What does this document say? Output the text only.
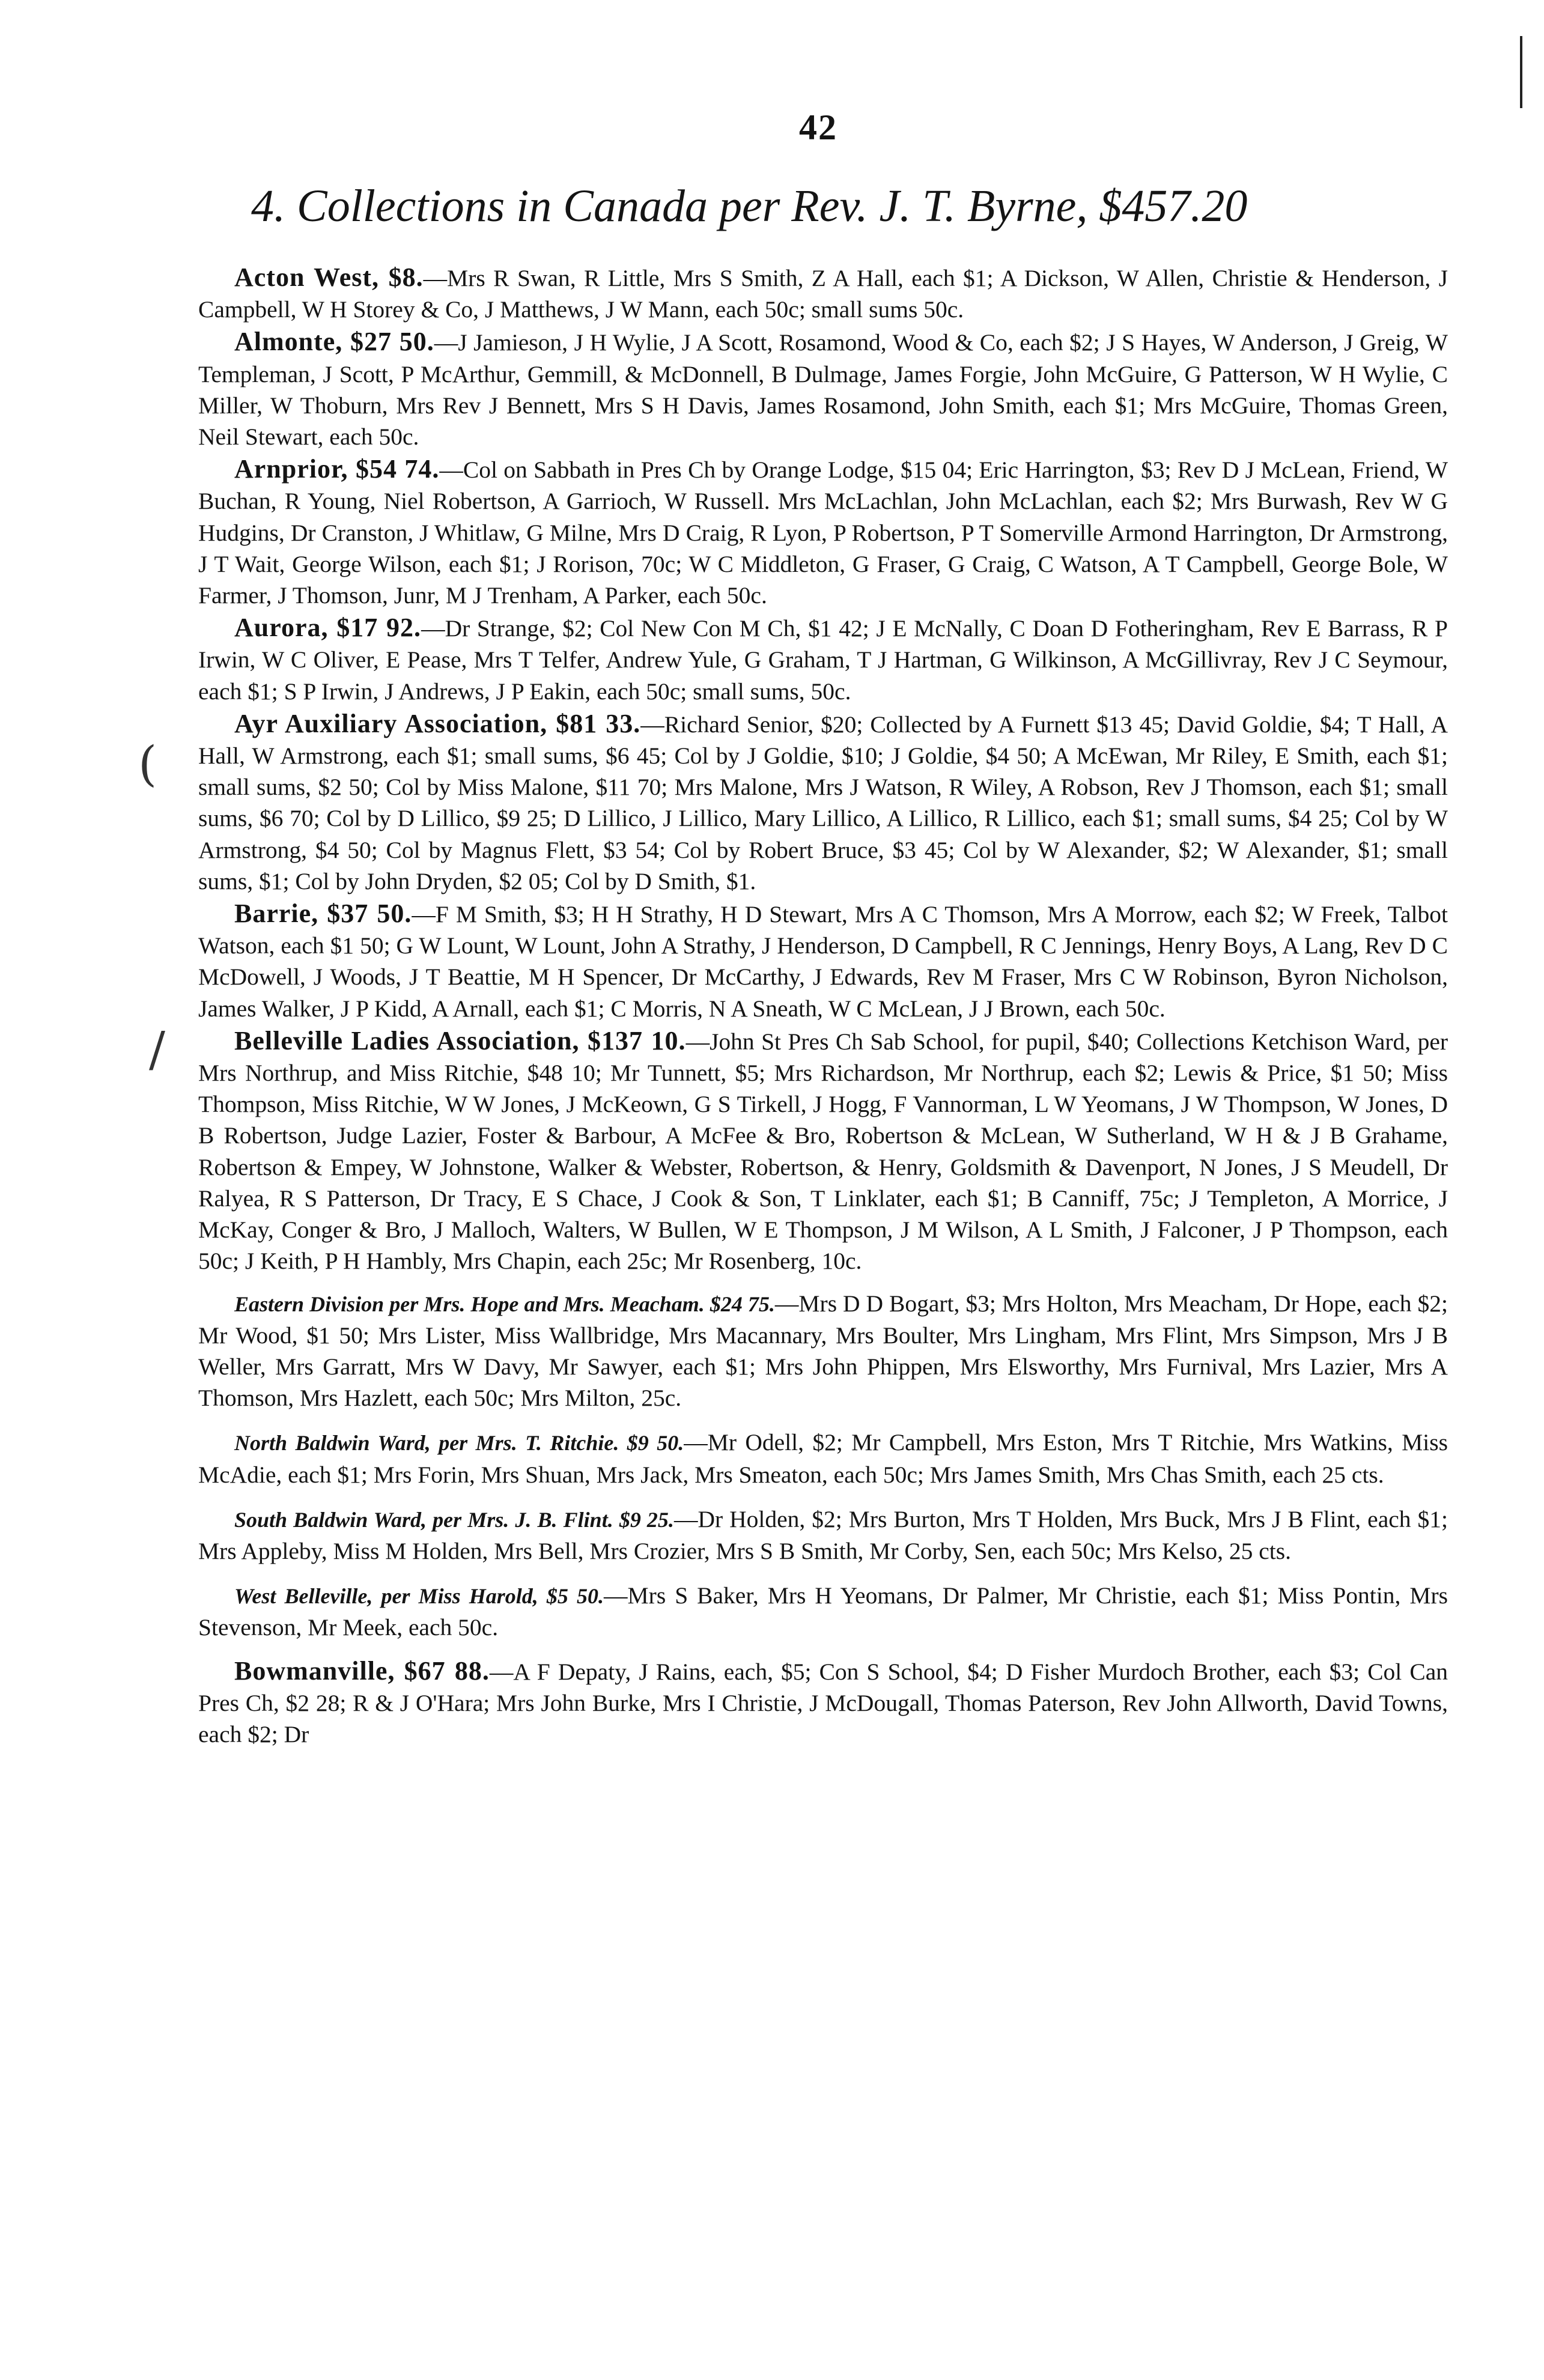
42
4. Collections in Canada per Rev. J. T. Byrne, $457.20
(
/

Acton West, $8.—Mrs R Swan, R Little, Mrs S Smith, Z A Hall, each $1; A Dickson, W Allen, Christie & Henderson, J Campbell, W H Storey & Co, J Matthews, J W Mann, each 50c; small sums 50c.

Almonte, $27 50.—J Jamieson, J H Wylie, J A Scott, Rosamond, Wood & Co, each $2; J S Hayes, W Anderson, J Greig, W Templeman, J Scott, P McArthur, Gemmill, & McDonnell, B Dulmage, James Forgie, John McGuire, G Patterson, W H Wylie, C Miller, W Thoburn, Mrs Rev J Bennett, Mrs S H Davis, James Rosamond, John Smith, each $1; Mrs McGuire, Thomas Green, Neil Stewart, each 50c.

Arnprior, $54 74.—Col on Sabbath in Pres Ch by Orange Lodge, $15 04; Eric Harrington, $3; Rev D J McLean, Friend, W Buchan, R Young, Niel Robertson, A Garrioch, W Russell. Mrs McLachlan, John McLachlan, each $2; Mrs Burwash, Rev W G Hudgins, Dr Cranston, J Whitlaw, G Milne, Mrs D Craig, R Lyon, P Robertson, P T Somerville Armond Harrington, Dr Armstrong, J T Wait, George Wilson, each $1; J Rorison, 70c; W C Middleton, G Fraser, G Craig, C Watson, A T Campbell, George Bole, W Farmer, J Thomson, Junr, M J Trenham, A Parker, each 50c.

Aurora, $17 92.—Dr Strange, $2; Col New Con M Ch, $1 42; J E McNally, C Doan D Fotheringham, Rev E Barrass, R P Irwin, W C Oliver, E Pease, Mrs T Telfer, Andrew Yule, G Graham, T J Hartman, G Wilkinson, A McGillivray, Rev J C Seymour, each $1; S P Irwin, J Andrews, J P Eakin, each 50c; small sums, 50c.

Ayr Auxiliary Association, $81 33.—Richard Senior, $20; Collected by A Furnett $13 45; David Goldie, $4; T Hall, A Hall, W Armstrong, each $1; small sums, $6 45; Col by J Goldie, $10; J Goldie, $4 50; A McEwan, Mr Riley, E Smith, each $1; small sums, $2 50; Col by Miss Malone, $11 70; Mrs Malone, Mrs J Watson, R Wiley, A Robson, Rev J Thomson, each $1; small sums, $6 70; Col by D Lillico, $9 25; D Lillico, J Lillico, Mary Lillico, A Lillico, R Lillico, each $1; small sums, $4 25; Col by W Armstrong, $4 50; Col by Magnus Flett, $3 54; Col by Robert Bruce, $3 45; Col by W Alexander, $2; W Alexander, $1; small sums, $1; Col by John Dryden, $2 05; Col by D Smith, $1.

Barrie, $37 50.—F M Smith, $3; H H Strathy, H D Stewart, Mrs A C Thomson, Mrs A Morrow, each $2; W Freek, Talbot Watson, each $1 50; G W Lount, W Lount, John A Strathy, J Henderson, D Campbell, R C Jennings, Henry Boys, A Lang, Rev D C McDowell, J Woods, J T Beattie, M H Spencer, Dr McCarthy, J Edwards, Rev M Fraser, Mrs C W Robinson, Byron Nicholson, James Walker, J P Kidd, A Arnall, each $1; C Morris, N A Sneath, W C McLean, J J Brown, each 50c.

Belleville Ladies Association, $137 10.—John St Pres Ch Sab School, for pupil, $40; Collections Ketchison Ward, per Mrs Northrup, and Miss Ritchie, $48 10; Mr Tunnett, $5; Mrs Richardson, Mr Northrup, each $2; Lewis & Price, $1 50; Miss Thompson, Miss Ritchie, W W Jones, J McKeown, G S Tirkell, J Hogg, F Vannorman, L W Yeomans, J W Thompson, W Jones, D B Robertson, Judge Lazier, Foster & Barbour, A McFee & Bro, Robertson & McLean, W Sutherland, W H & J B Grahame, Robertson & Empey, W Johnstone, Walker & Webster, Robertson, & Henry, Goldsmith & Davenport, N Jones, J S Meudell, Dr Ralyea, R S Patterson, Dr Tracy, E S Chace, J Cook & Son, T Linklater, each $1; B Canniff, 75c; J Templeton, A Morrice, J McKay, Conger & Bro, J Malloch, Walters, W Bullen, W E Thompson, J M Wilson, A L Smith, J Falconer, J P Thompson, each 50c; J Keith, P H Hambly, Mrs Chapin, each 25c; Mr Rosenberg, 10c.

Eastern Division per Mrs. Hope and Mrs. Meacham. $24 75.—Mrs D D Bogart, $3; Mrs Holton, Mrs Meacham, Dr Hope, each $2; Mr Wood, $1 50; Mrs Lister, Miss Wallbridge, Mrs Macannary, Mrs Boulter, Mrs Lingham, Mrs Flint, Mrs Simpson, Mrs J B Weller, Mrs Garratt, Mrs W Davy, Mr Sawyer, each $1; Mrs John Phippen, Mrs Elsworthy, Mrs Furnival, Mrs Lazier, Mrs A Thomson, Mrs Hazlett, each 50c; Mrs Milton, 25c.

North Baldwin Ward, per Mrs. T. Ritchie. $9 50.—Mr Odell, $2; Mr Campbell, Mrs Eston, Mrs T Ritchie, Mrs Watkins, Miss McAdie, each $1; Mrs Forin, Mrs Shuan, Mrs Jack, Mrs Smeaton, each 50c; Mrs James Smith, Mrs Chas Smith, each 25 cts.

South Baldwin Ward, per Mrs. J. B. Flint. $9 25.—Dr Holden, $2; Mrs Burton, Mrs T Holden, Mrs Buck, Mrs J B Flint, each $1; Mrs Appleby, Miss M Holden, Mrs Bell, Mrs Crozier, Mrs S B Smith, Mr Corby, Sen, each 50c; Mrs Kelso, 25 cts.

West Belleville, per Miss Harold, $5 50.—Mrs S Baker, Mrs H Yeomans, Dr Palmer, Mr Christie, each $1; Miss Pontin, Mrs Stevenson, Mr Meek, each 50c.

Bowmanville, $67 88.—A F Depaty, J Rains, each, $5; Con S School, $4; D Fisher Murdoch Brother, each $3; Col Can Pres Ch, $2 28; R & J O'Hara; Mrs John Burke, Mrs I Christie, J McDougall, Thomas Paterson, Rev John Allworth, David Towns, each $2; Dr
